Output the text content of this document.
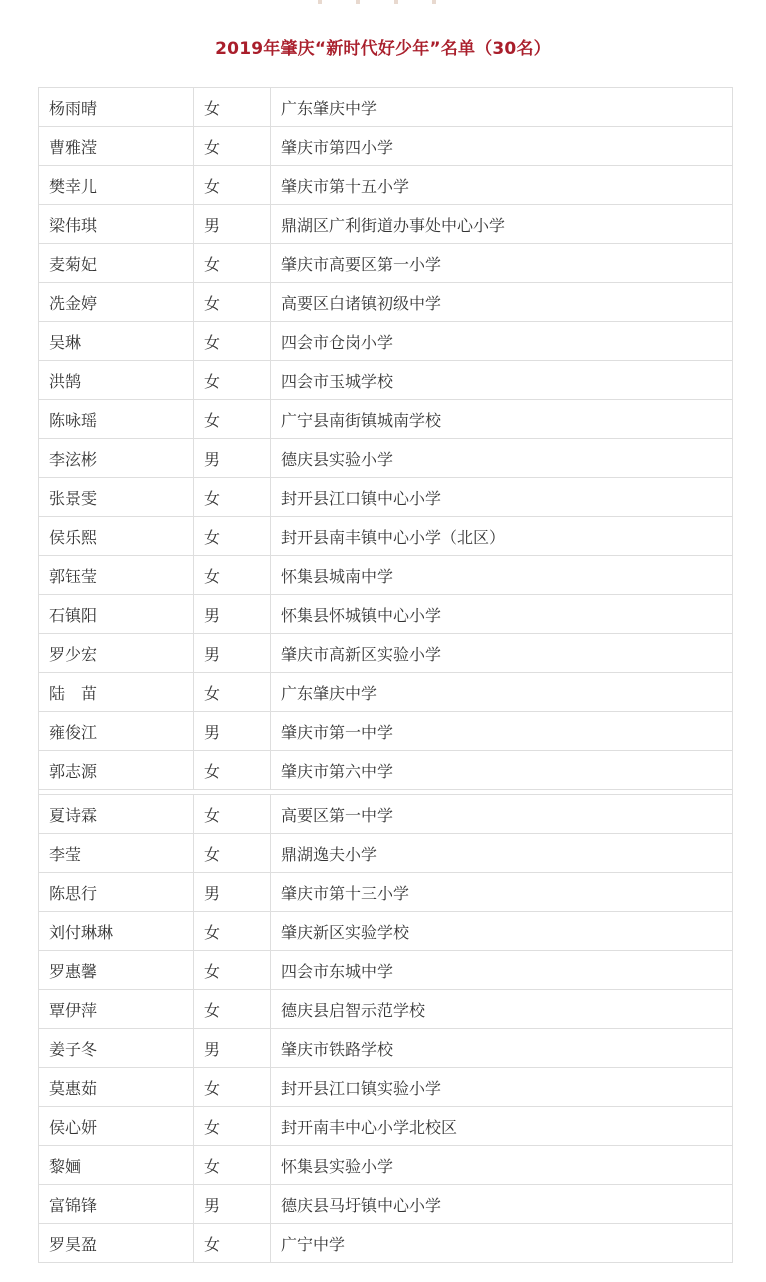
2019年肇庆“新时代好少年”名单（30名）
杨雨晴	女	广东肇庆中学
曹雅滢	女	肇庆市第四小学
樊幸儿	女	肇庆市第十五小学
梁伟琪	男	鼎湖区广利街道办事处中心小学
麦菊妃	女	肇庆市高要区第一小学
冼金婷	女	高要区白诸镇初级中学
吴琳	女	四会市仓岗小学
洪鹄	女	四会市玉城学校
陈咏瑶	女	广宁县南街镇城南学校
李泫彬	男	德庆县实验小学
张景雯	女	封开县江口镇中心小学
侯乐熙	女	封开县南丰镇中心小学（北区）
郭钰莹	女	怀集县城南中学
石镇阳	男	怀集县怀城镇中心小学
罗少宏	男	肇庆市高新区实验小学
陆　苗	女	广东肇庆中学
雍俊江	男	肇庆市第一中学
郭志源	女	肇庆市第六中学

夏诗霖	女	高要区第一中学
李莹	女	鼎湖逸夫小学
陈思行	男	肇庆市第十三小学
刘付琳琳	女	肇庆新区实验学校
罗惠馨	女	四会市东城中学
覃伊萍	女	德庆县启智示范学校
姜子冬	男	肇庆市铁路学校
莫惠茹	女	封开县江口镇实验小学
侯心妍	女	封开南丰中心小学北校区
黎婳	女	怀集县实验小学
富锦锋	男	德庆县马圩镇中心小学
罗昊盈	女	广宁中学
